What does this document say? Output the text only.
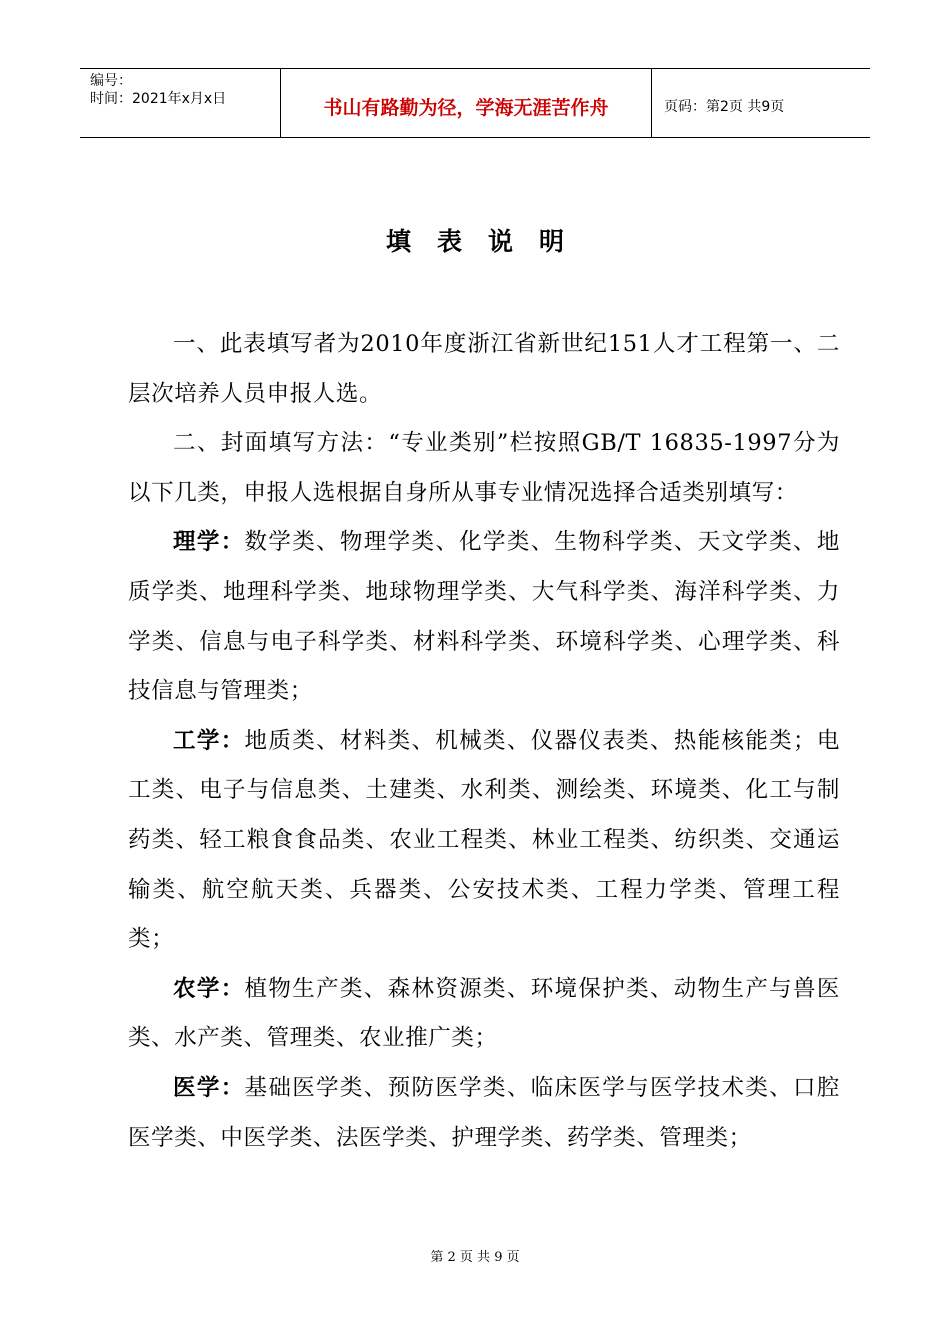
编号：
时间：2021年x月x日	书山有路勤为径，学海无涯苦作舟	页码：第2页 共9页
填表说明

一、此表填写者为2010年度浙江省新世纪151人才工程第一、二层次培养人员申报人选。

二、封面填写方法：“专业类别”栏按照GB/T 16835-1997分为以下几类，申报人选根据自身所从事专业情况选择合适类别填写：

理学：数学类、物理学类、化学类、生物科学类、天文学类、地质学类、地理科学类、地球物理学类、大气科学类、海洋科学类、力学类、信息与电子科学类、材料科学类、环境科学类、心理学类、科技信息与管理类；

工学：地质类、材料类、机械类、仪器仪表类、热能核能类；电工类、电子与信息类、土建类、水利类、测绘类、环境类、化工与制药类、轻工粮食食品类、农业工程类、林业工程类、纺织类、交通运输类、航空航天类、兵器类、公安技术类、工程力学类、管理工程类；

农学：植物生产类、森林资源类、环境保护类、动物生产与兽医类、水产类、管理类、农业推广类；

医学：基础医学类、预防医学类、临床医学与医学技术类、口腔医学类、中医学类、法医学类、护理学类、药学类、管理类；

第 2 页 共 9 页
